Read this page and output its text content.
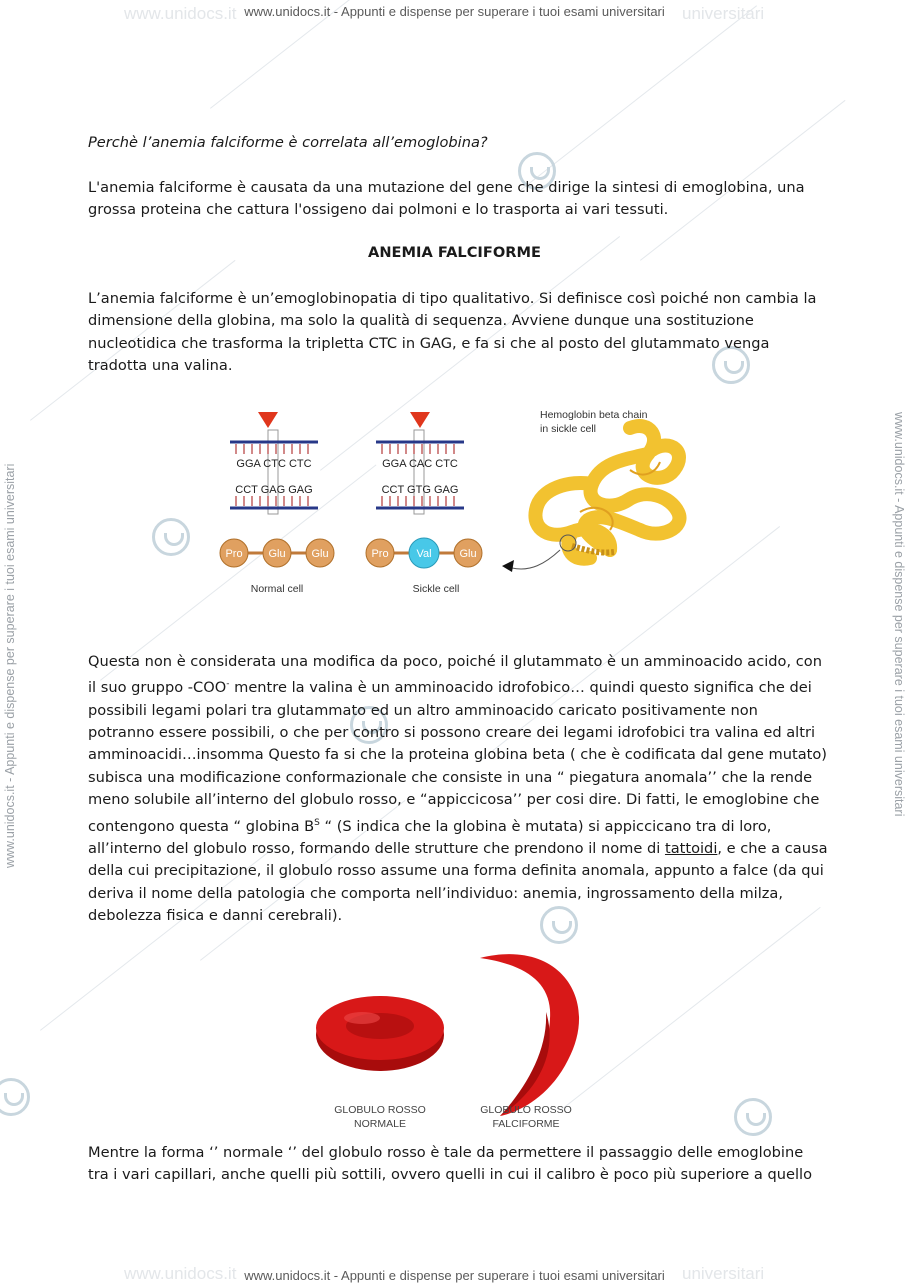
www.unidocs.it	universitari
www.unidocs.it - Appunti e dispense per superare i tuoi esami universitari
www.unidocs.it - Appunti e dispense per superare i tuoi esami universitari	www.unidocs.it - Appunti e dispense per superare i tuoi esami universitari
Perchè l’anemia falciforme è correlata all’emoglobina?
L'anemia falciforme è causata da una mutazione del gene che dirige la sintesi di emoglobina, una grossa proteina che cattura l'ossigeno dai polmoni e lo trasporta ai vari tessuti.
ANEMIA FALCIFORME
L’anemia falciforme è un’emoglobinopatia di tipo qualitativo. Si definisce così poiché non cambia la dimensione della globina, ma solo la qualità di sequenza. Avviene dunque una sostituzione nucleotidica che trasforma la tripletta CTC in GAG, e fa si che al posto del glutammato venga tradotta una valina.
GGA CTC CTC
CCT GAG GAG
Pro Glu Glu
Normal cell
GGA CAC CTC
CCT GTG GAG
Pro	Val	Glu
Sickle cell
Hemoglobin beta chain
in sickle cell

Questa non è considerata una modifica da poco, poiché il glutammato è un amminoacido acido, con il suo gruppo -COO- mentre la valina è un amminoacido idrofobico… quindi questo significa che dei possibili legami polari tra glutammato ed un altro amminoacido caricato positivamente non potranno essere possibili, o che per contro si possono creare dei legami idrofobici tra valina ed altri amminoacidi…insomma Questo fa si che la proteina globina beta ( che è codificata dal gene mutato) subisca una modificazione conformazionale che consiste in una “ piegatura anomala’’ che la rende meno solubile all’interno del globulo rosso, e “appiccicosa’’ per cosi dire. Di fatti, le emoglobine che contengono questa “ globina $B^S$ “ (S indica che la globina è mutata) si appiccicano tra di loro, all’interno del globulo rosso, formando delle strutture che prendono il nome di tattoidi, e che a causa della cui precipitazione, il globulo rosso assume una forma definita anomala, appunto a falce (da qui deriva il nome della patologia che comporta nell’individuo: anemia, ingrossamento della milza, debolezza fisica e danni cerebrali).

GLOBULO ROSSO
NORMALE
GLOBULO ROSSO
FALCIFORME
Mentre la forma ‘’ normale ‘’ del globulo rosso è tale da permettere il passaggio delle emoglobine tra i vari capillari, anche quelli più sottili, ovvero quelli in cui il calibro è poco più superiore a quello
www.unidocs.it	universitari
www.unidocs.it - Appunti e dispense per superare i tuoi esami universitari
